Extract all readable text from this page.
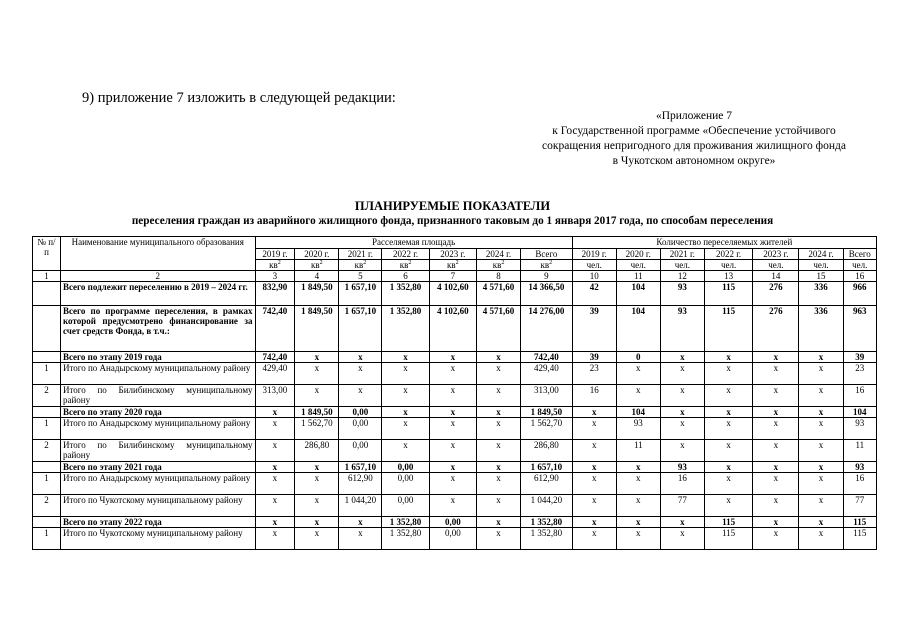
9) приложение 7 изложить в следующей редакции:
«Приложение 7
к Государственной программе «Обеспечение устойчивого
сокращения непригодного для проживания жилищного фонда
в Чукотском автономном округе»
ПЛАНИРУЕМЫЕ ПОКАЗАТЕЛИ
переселения граждан из аварийного жилищного фонда, признанного таковым до 1 января 2017 года, по способам переселения
№ п/п	Наименование муниципального образования	Расселяемая площадь							Количество переселяемых жителей						
		2019 г.	2020 г.	2021 г.	2022 г.	2023 г.	2024 г.	Всего	2019 г.	2020 г.	2021 г.	2022 г.	2023 г.	2024 г.	Всего
		$кв^2$	$кв^2$	$кв^2$	$кв^2$	$кв^2$	$кв^2$	$кв^2$	чел.	чел.	чел.	чел.	чел.	чел.	чел.
1	2	3	4	5	6	7	8	9	10	11	12	13	14	15	16
	Всего подлежит переселению в 2019 – 2024 гг.	832,90	1 849,50	1 657,10	1 352,80	4 102,60	4 571,60	14 366,50	42	104	93	115	276	336	966
	Всего по программе переселения, в рамках которой предусмотрено финансирование за счет средств Фонда, в т.ч.:	742,40	1 849,50	1 657,10	1 352,80	4 102,60	4 571,60	14 276,00	39	104	93	115	276	336	963
	Всего по этапу 2019 года	742,40	x	x	x	x	x	742,40	39	0	x	x	x	x	39
1	Итого по Анадырскому муниципальному району	429,40	x	x	x	x	x	429,40	23	x	x	x	x	x	23
2	Итого по Билибинскому муниципальному району	313,00	x	x	x	x	x	313,00	16	x	x	x	x	x	16
	Всего по этапу 2020 года	x	1 849,50	0,00	x	x	x	1 849,50	x	104	x	x	x	x	104
1	Итого по Анадырскому муниципальному району	x	1 562,70	0,00	x	x	x	1 562,70	x	93	x	x	x	x	93
2	Итого по Билибинскому муниципальному району	x	286,80	0,00	x	x	x	286,80	x	11	x	x	x	x	11
	Всего по этапу 2021 года	x	x	1 657,10	0,00	x	x	1 657,10	x	x	93	x	x	x	93
1	Итого по Анадырскому муниципальному району	x	x	612,90	0,00	x	x	612,90	x	x	16	x	x	x	16
2	Итого по Чукотскому муниципальному району	x	x	1 044,20	0,00	x	x	1 044,20	x	x	77	x	x	x	77
	Всего по этапу 2022 года	x	x	x	1 352,80	0,00	x	1 352,80	x	x	x	115	x	x	115
1	Итого по Чукотскому муниципальному району	x	x	x	1 352,80	0,00	x	1 352,80	x	x	x	115	x	x	115
